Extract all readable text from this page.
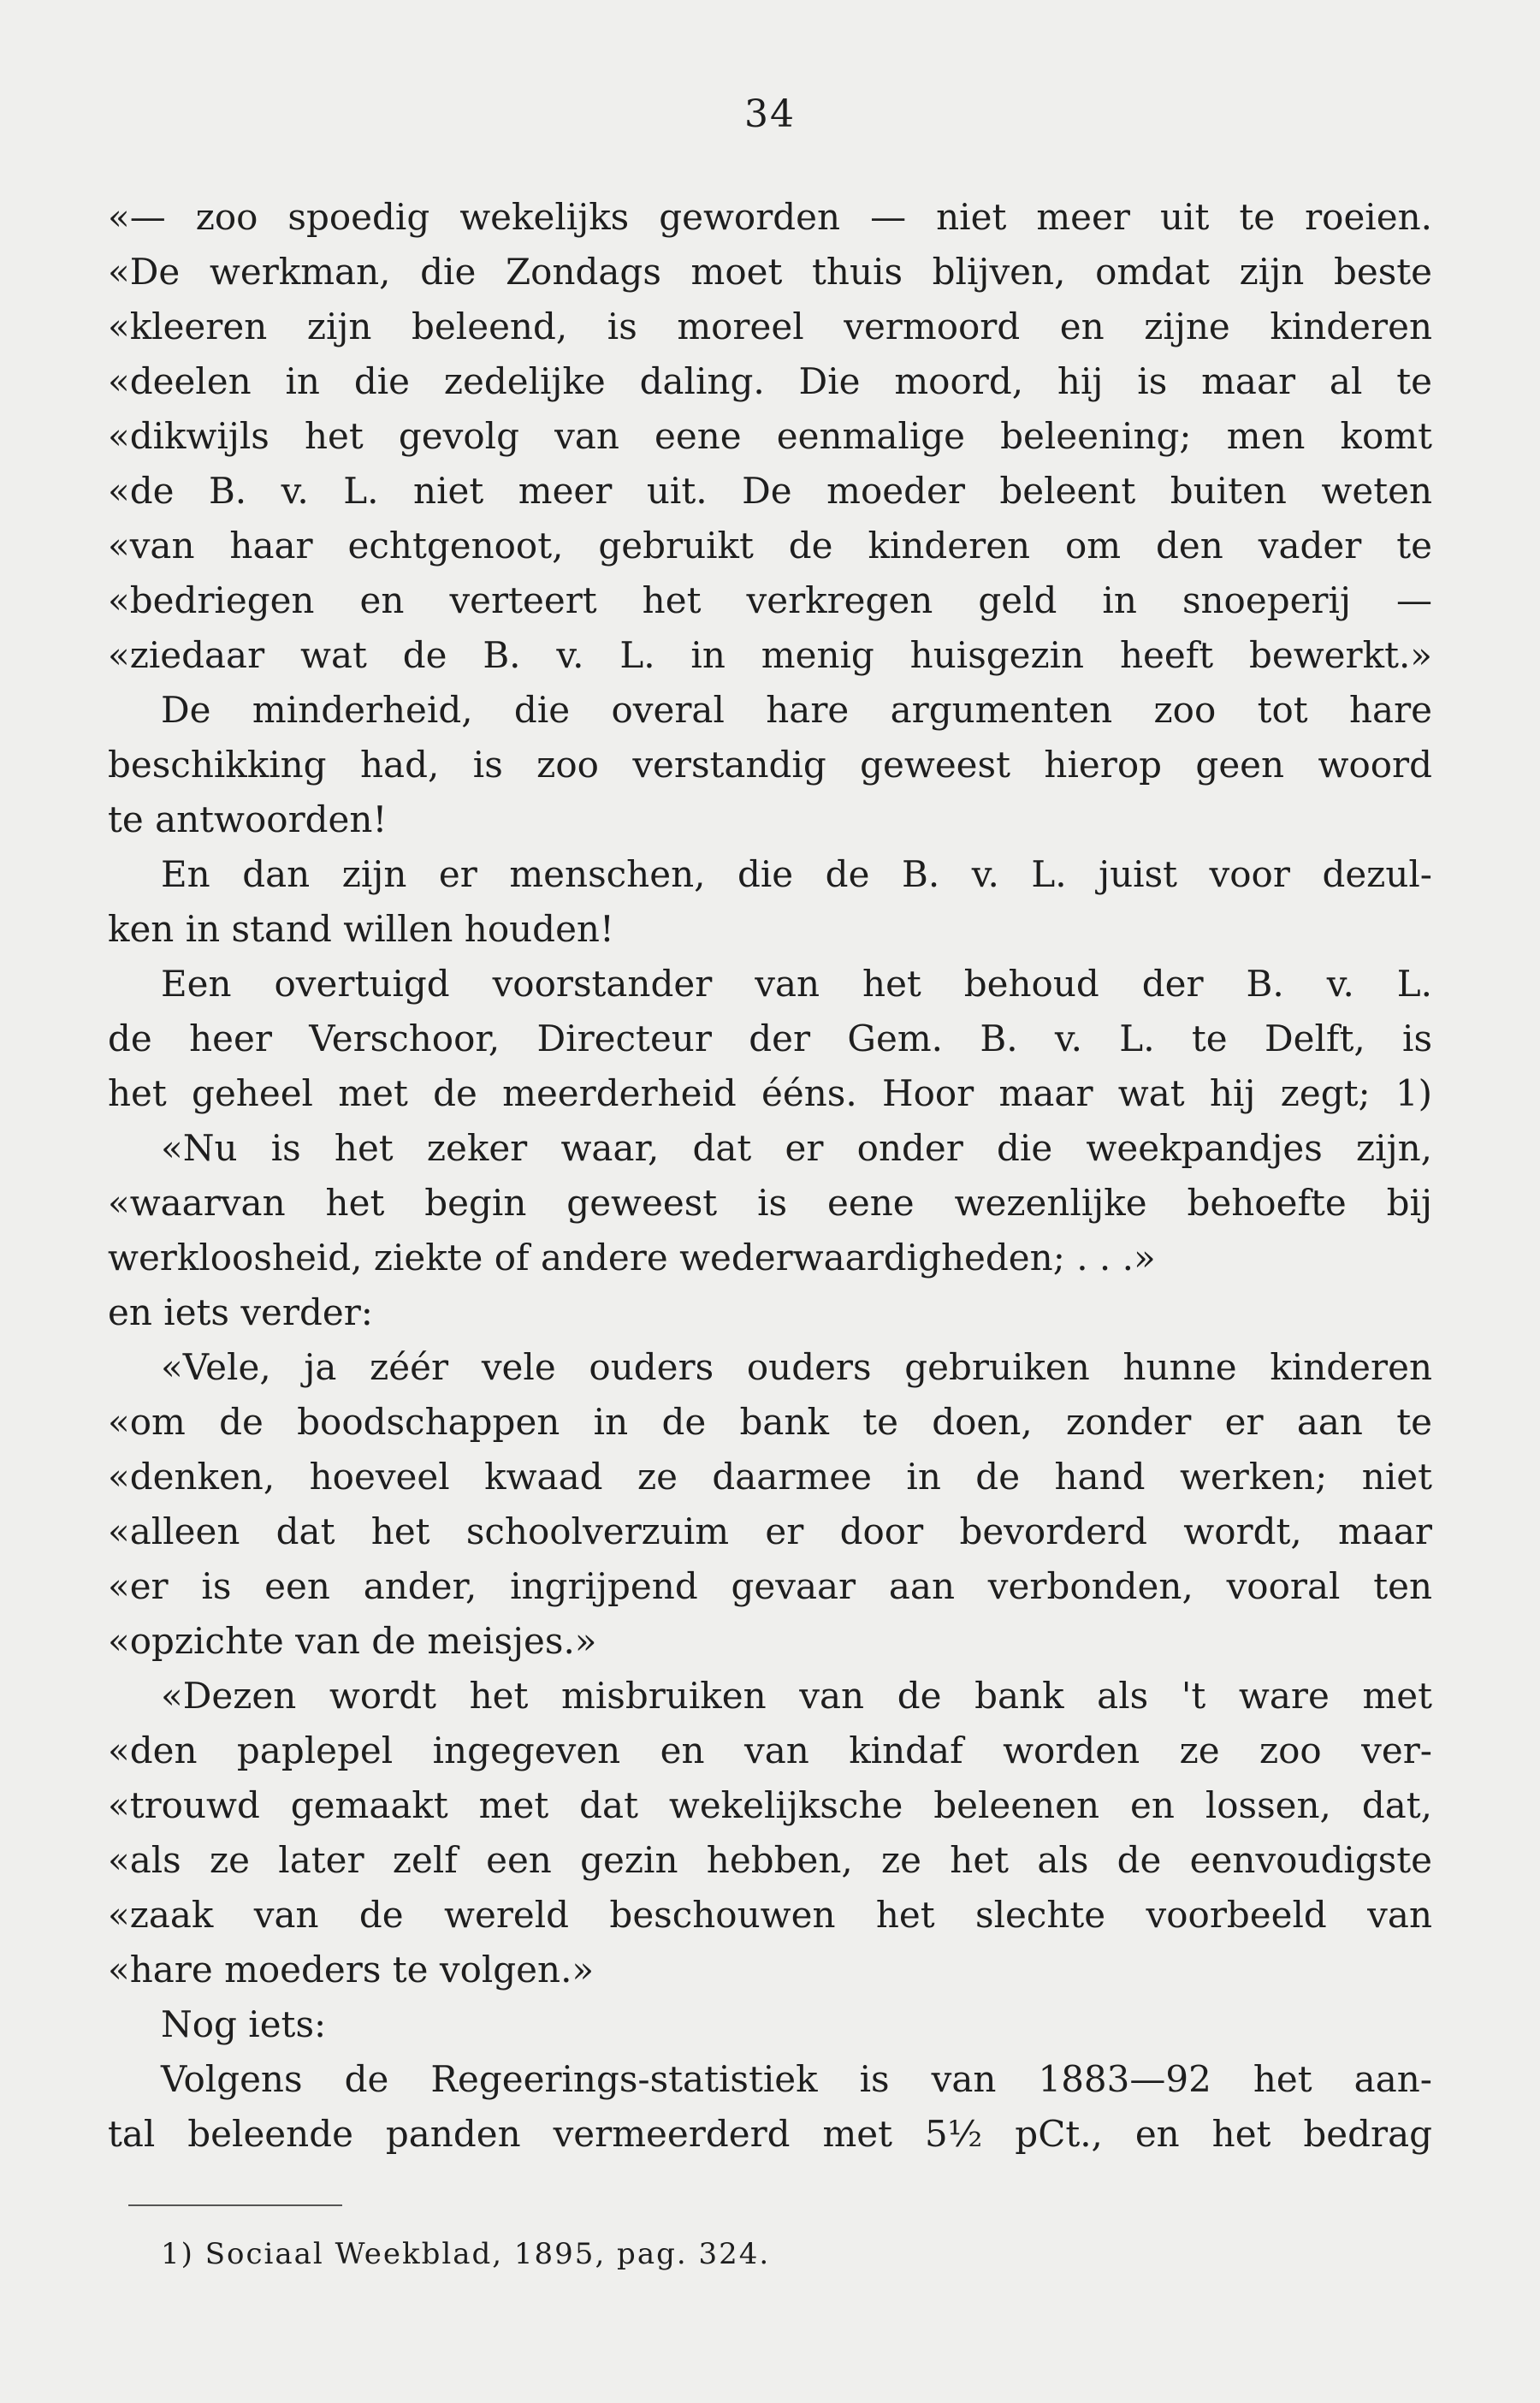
34
«— zoo spoedig wekelijks geworden — niet meer uit te roeien.
«De werkman, die Zondags moet thuis blijven, omdat zijn beste
«kleeren zijn beleend, is moreel vermoord en zijne kinderen
«deelen in die zedelijke daling. Die moord, hij is maar al te
«dikwijls het gevolg van eene eenmalige beleening; men komt
«de B. v. L. niet meer uit. De moeder beleent buiten weten
«van haar echtgenoot, gebruikt de kinderen om den vader te
«bedriegen en verteert het verkregen geld in snoeperij —
«ziedaar wat de B. v. L. in menig huisgezin heeft bewerkt.»
De minderheid, die overal hare argumenten zoo tot hare
beschikking had, is zoo verstandig geweest hierop geen woord
te antwoorden!
En dan zijn er menschen, die de B. v. L. juist voor dezul-
ken in stand willen houden!
Een overtuigd voorstander van het behoud der B. v. L.
de heer Verschoor, Directeur der Gem. B. v. L. te Delft, is
het geheel met de meerderheid ééns. Hoor maar wat hij zegt; 1)
«Nu is het zeker waar, dat er onder die weekpandjes zijn,
«waarvan het begin geweest is eene wezenlijke behoefte bij
werkloosheid, ziekte of andere wederwaardigheden; . . .»
en iets verder:
«Vele, ja zéér vele ouders ouders gebruiken hunne kinderen
«om de boodschappen in de bank te doen, zonder er aan te
«denken, hoeveel kwaad ze daarmee in de hand werken; niet
«alleen dat het schoolverzuim er door bevorderd wordt, maar
«er is een ander, ingrijpend gevaar aan verbonden, vooral ten
«opzichte van de meisjes.»
«Dezen wordt het misbruiken van de bank als 't ware met
«den paplepel ingegeven en van kindaf worden ze zoo ver-
«trouwd gemaakt met dat wekelijksche beleenen en lossen, dat,
«als ze later zelf een gezin hebben, ze het als de eenvoudigste
«zaak van de wereld beschouwen het slechte voorbeeld van
«hare moeders te volgen.»
Nog iets:
Volgens de Regeerings-statistiek is van 1883—92 het aan-
tal beleende panden vermeerderd met 5½ pCt., en het bedrag
1) Sociaal Weekblad, 1895, pag. 324.
